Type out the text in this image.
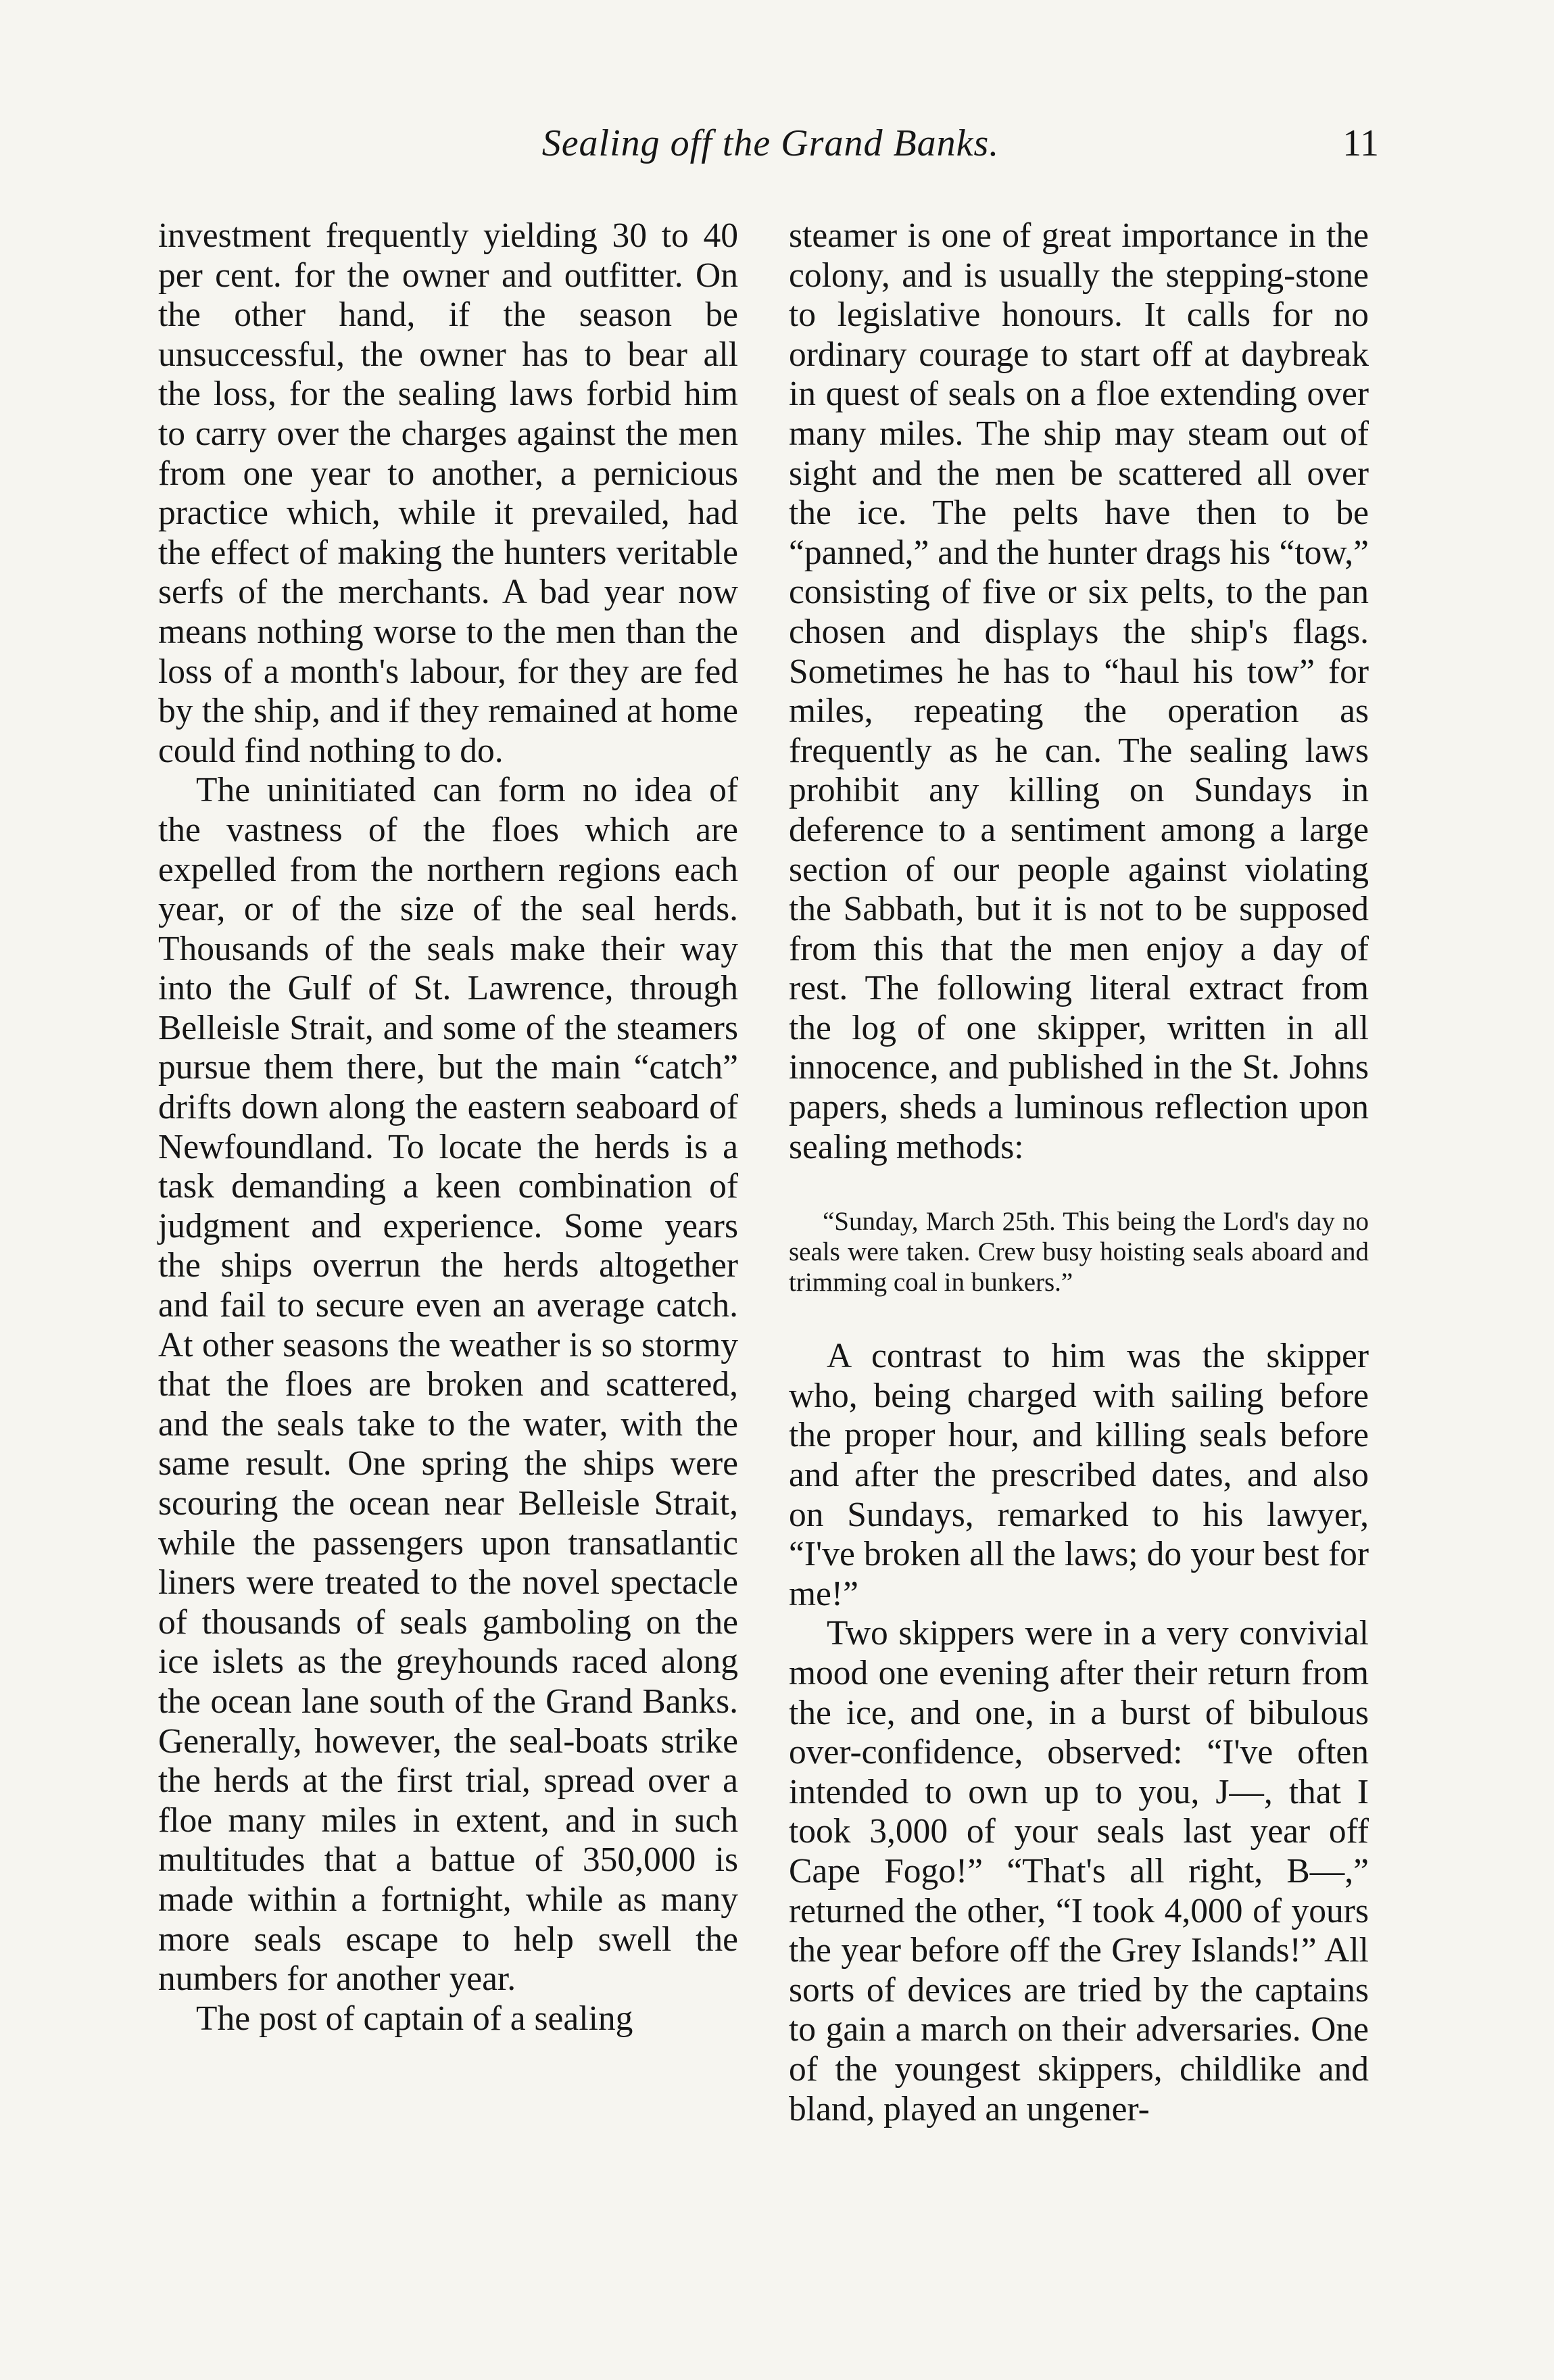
Sealing off the Grand Banks.	11

investment frequently yielding 30 to 40 per cent. for the owner and outfitter. On the other hand, if the season be unsuccessful, the owner has to bear all the loss, for the sealing laws forbid him to carry over the charges against the men from one year to another, a pernicious practice which, while it prevailed, had the effect of making the hunters veritable serfs of the merchants. A bad year now means nothing worse to the men than the loss of a month's labour, for they are fed by the ship, and if they remained at home could find nothing to do.

The uninitiated can form no idea of the vastness of the floes which are expelled from the northern regions each year, or of the size of the seal herds. Thousands of the seals make their way into the Gulf of St. Lawrence, through Belleisle Strait, and some of the steamers pursue them there, but the main “catch” drifts down along the eastern seaboard of Newfoundland. To locate the herds is a task demanding a keen combination of judgment and experience. Some years the ships overrun the herds altogether and fail to secure even an average catch. At other seasons the weather is so stormy that the floes are broken and scattered, and the seals take to the water, with the same result. One spring the ships were scouring the ocean near Belleisle Strait, while the passengers upon transatlantic liners were treated to the novel spectacle of thousands of seals gamboling on the ice islets as the greyhounds raced along the ocean lane south of the Grand Banks. Generally, however, the seal-boats strike the herds at the first trial, spread over a floe many miles in extent, and in such multitudes that a battue of 350,000 is made within a fortnight, while as many more seals escape to help swell the numbers for another year.

The post of captain of a sealing

steamer is one of great importance in the colony, and is usually the stepping-stone to legislative honours. It calls for no ordinary courage to start off at daybreak in quest of seals on a floe extending over many miles. The ship may steam out of sight and the men be scattered all over the ice. The pelts have then to be “panned,” and the hunter drags his “tow,” consisting of five or six pelts, to the pan chosen and displays the ship's flags. Sometimes he has to “haul his tow” for miles, repeating the operation as frequently as he can. The sealing laws prohibit any killing on Sundays in deference to a sentiment among a large section of our people against violating the Sabbath, but it is not to be supposed from this that the men enjoy a day of rest. The following literal extract from the log of one skipper, written in all innocence, and published in the St. Johns papers, sheds a luminous reflection upon sealing methods:

“Sunday, March 25th. This being the Lord's day no seals were taken. Crew busy hoisting seals aboard and trimming coal in bunkers.”

A contrast to him was the skipper who, being charged with sailing before the proper hour, and killing seals before and after the prescribed dates, and also on Sundays, remarked to his lawyer, “I've broken all the laws; do your best for me!”

Two skippers were in a very convivial mood one evening after their return from the ice, and one, in a burst of bibulous over-confidence, observed: “I've often intended to own up to you, J—, that I took 3,000 of your seals last year off Cape Fogo!” “That's all right, B—,” returned the other, “I took 4,000 of yours the year before off the Grey Islands!” All sorts of devices are tried by the captains to gain a march on their adversaries. One of the youngest skippers, childlike and bland, played an ungener-
